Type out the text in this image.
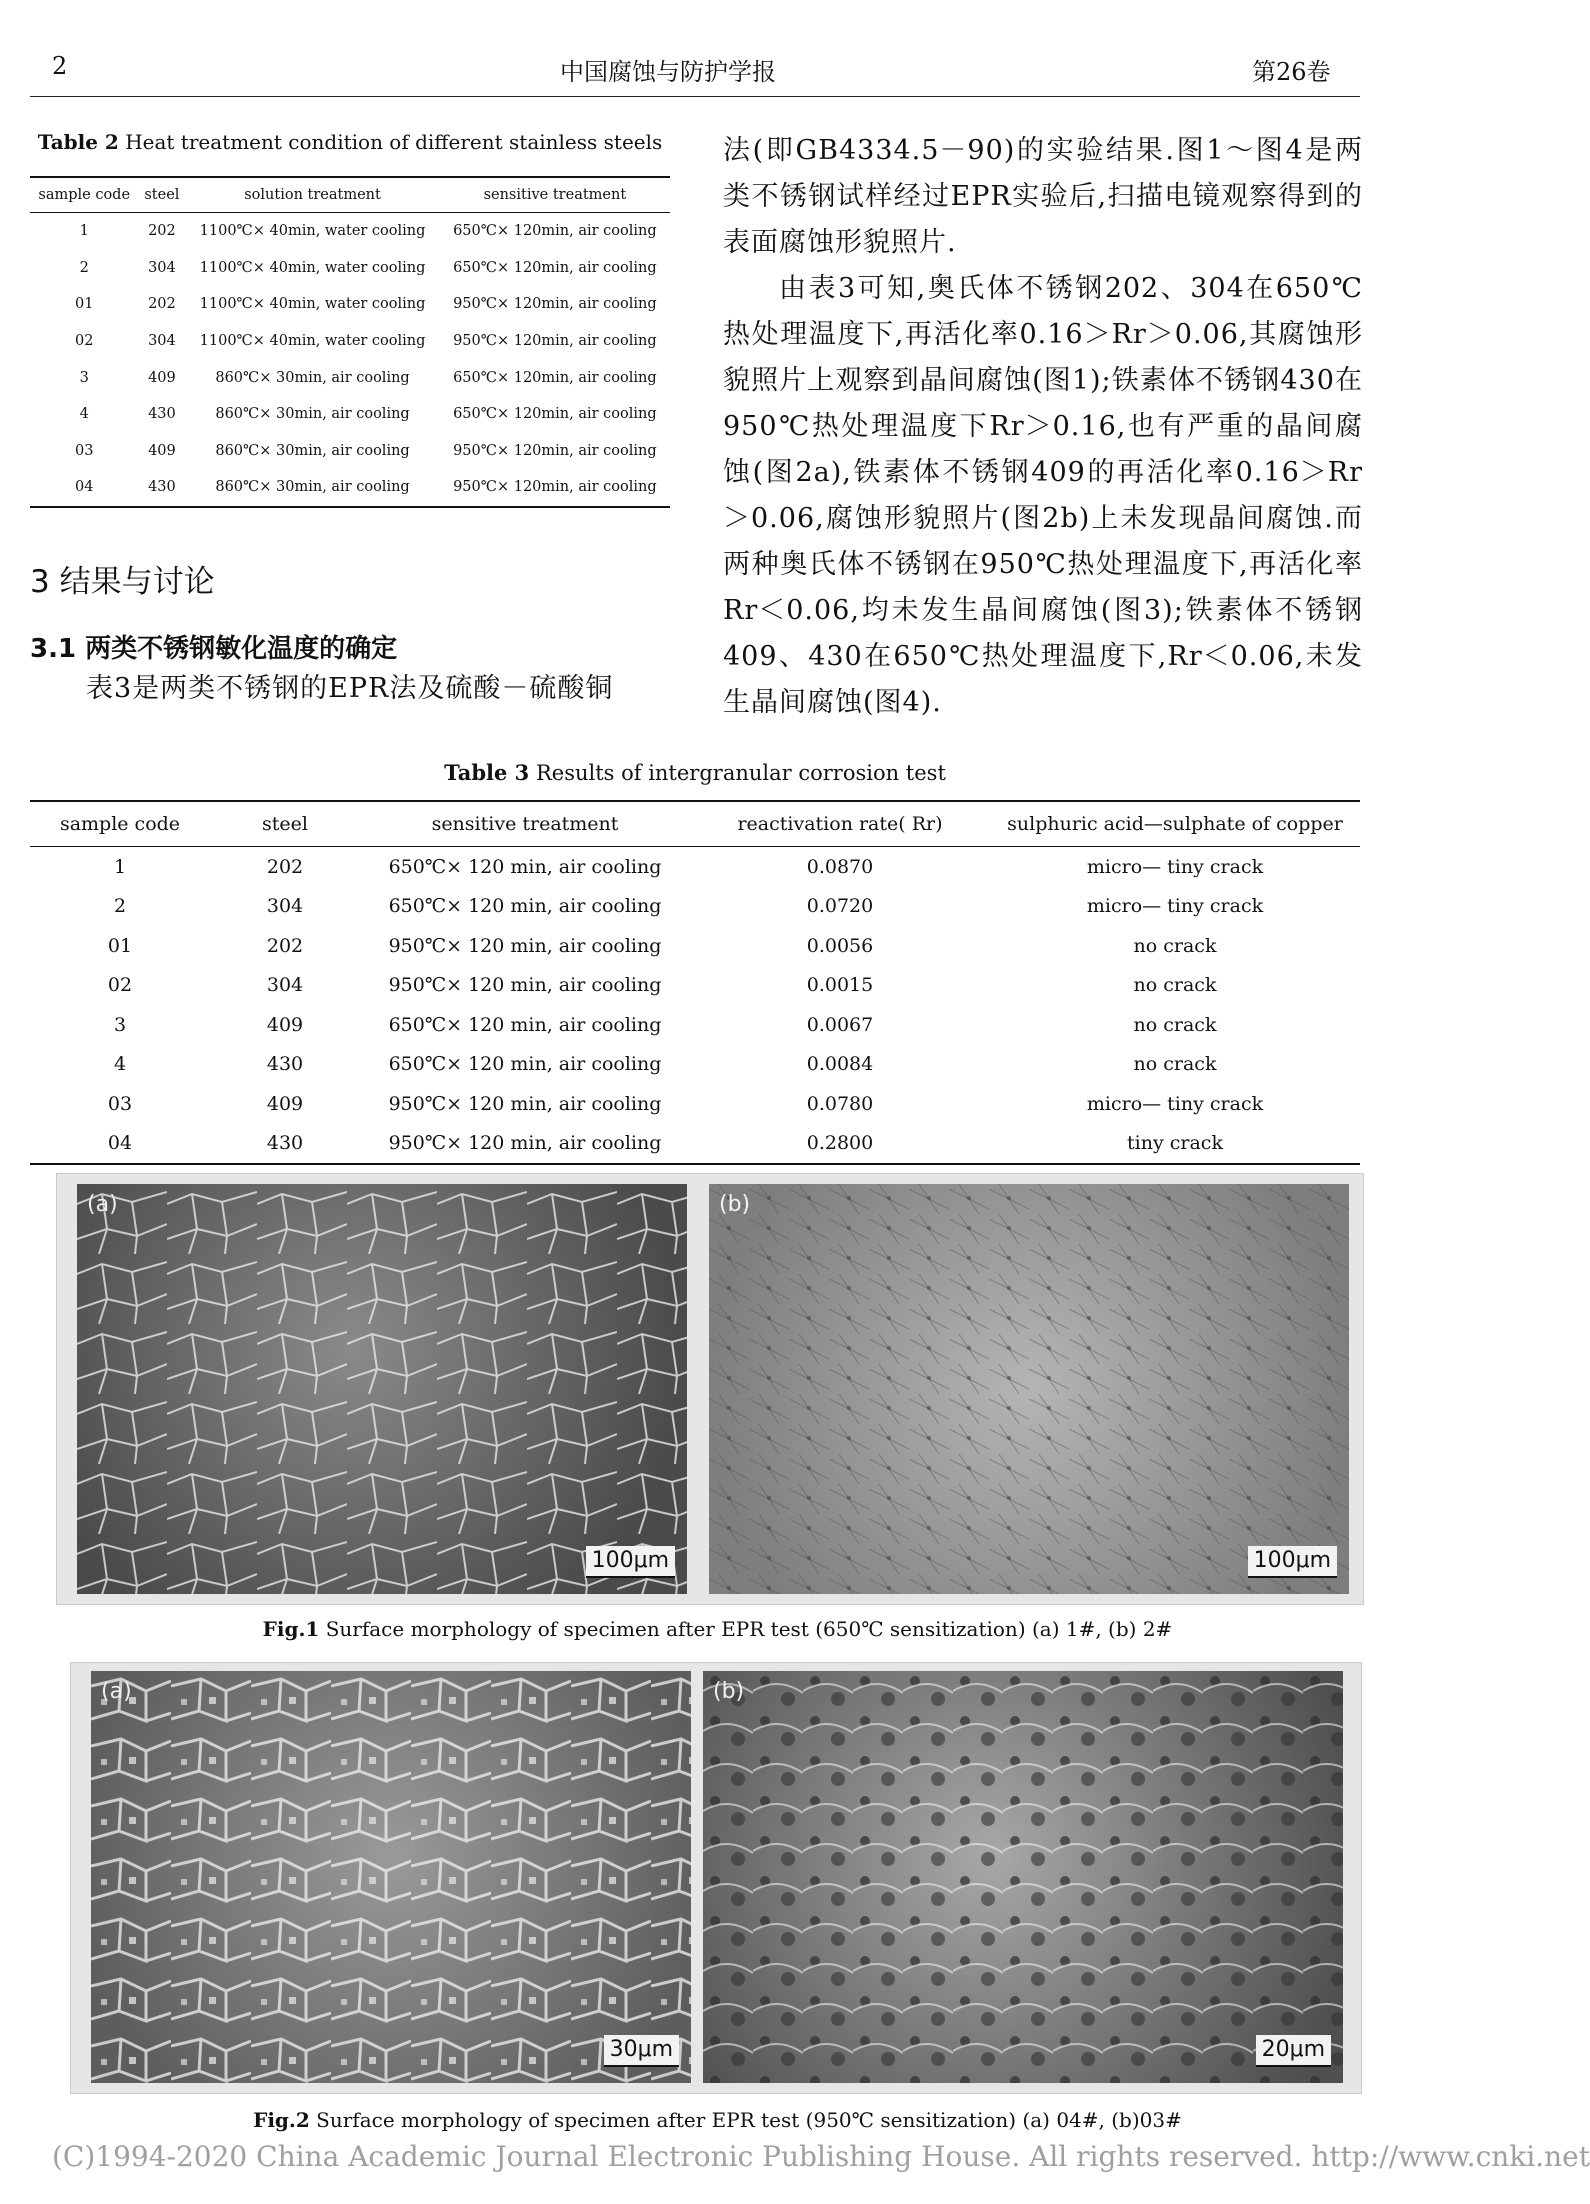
2	中国腐蚀与防护学报	第26卷
Table 2 Heat treatment condition of different stainless steels
sample code	steel	solution treatment	sensitive treatment
1	202	1100℃× 40min, water cooling	650℃× 120min, air cooling
2	304	1100℃× 40min, water cooling	650℃× 120min, air cooling
01	202	1100℃× 40min, water cooling	950℃× 120min, air cooling
02	304	1100℃× 40min, water cooling	950℃× 120min, air cooling
3	409	860℃× 30min, air cooling	650℃× 120min, air cooling
4	430	860℃× 30min, air cooling	650℃× 120min, air cooling
03	409	860℃× 30min, air cooling	950℃× 120min, air cooling
04	430	860℃× 30min, air cooling	950℃× 120min, air cooling
3 结果与讨论
3.1 两类不锈钢敏化温度的确定
表3是两类不锈钢的EPR法及硫酸－硫酸铜

法(即GB4334.5－90)的实验结果.图1～图4是两类不锈钢试样经过EPR实验后,扫描电镜观察得到的表面腐蚀形貌照片.

由表3可知,奥氏体不锈钢202、304在650℃热处理温度下,再活化率0.16＞Rr＞0.06,其腐蚀形貌照片上观察到晶间腐蚀(图1);铁素体不锈钢430在950℃热处理温度下Rr＞0.16,也有严重的晶间腐蚀(图2a),铁素体不锈钢409的再活化率0.16＞Rr＞0.06,腐蚀形貌照片(图2b)上未发现晶间腐蚀.而两种奥氏体不锈钢在950℃热处理温度下,再活化率Rr＜0.06,均未发生晶间腐蚀(图3);铁素体不锈钢409、430在650℃热处理温度下,Rr＜0.06,未发生晶间腐蚀(图4).

Table 3 Results of intergranular corrosion test
sample code	steel	sensitive treatment	reactivation rate( Rr)	sulphuric acid—sulphate of copper
1	202	650℃× 120 min, air cooling	0.0870	micro— tiny crack
2	304	650℃× 120 min, air cooling	0.0720	micro— tiny crack
01	202	950℃× 120 min, air cooling	0.0056	no crack
02	304	950℃× 120 min, air cooling	0.0015	no crack
3	409	650℃× 120 min, air cooling	0.0067	no crack
4	430	650℃× 120 min, air cooling	0.0084	no crack
03	409	950℃× 120 min, air cooling	0.0780	micro— tiny crack
04	430	950℃× 120 min, air cooling	0.2800	tiny crack
(a)
100μm
(b)
100μm
Fig.1 Surface morphology of specimen after EPR test (650℃ sensitization) (a) 1#, (b) 2#
(a)
30μm
(b)
20μm
Fig.2 Surface morphology of specimen after EPR test (950℃ sensitization) (a) 04#, (b)03#
(C)1994-2020 China Academic Journal Electronic Publishing House. All rights reserved. http://www.cnki.net
